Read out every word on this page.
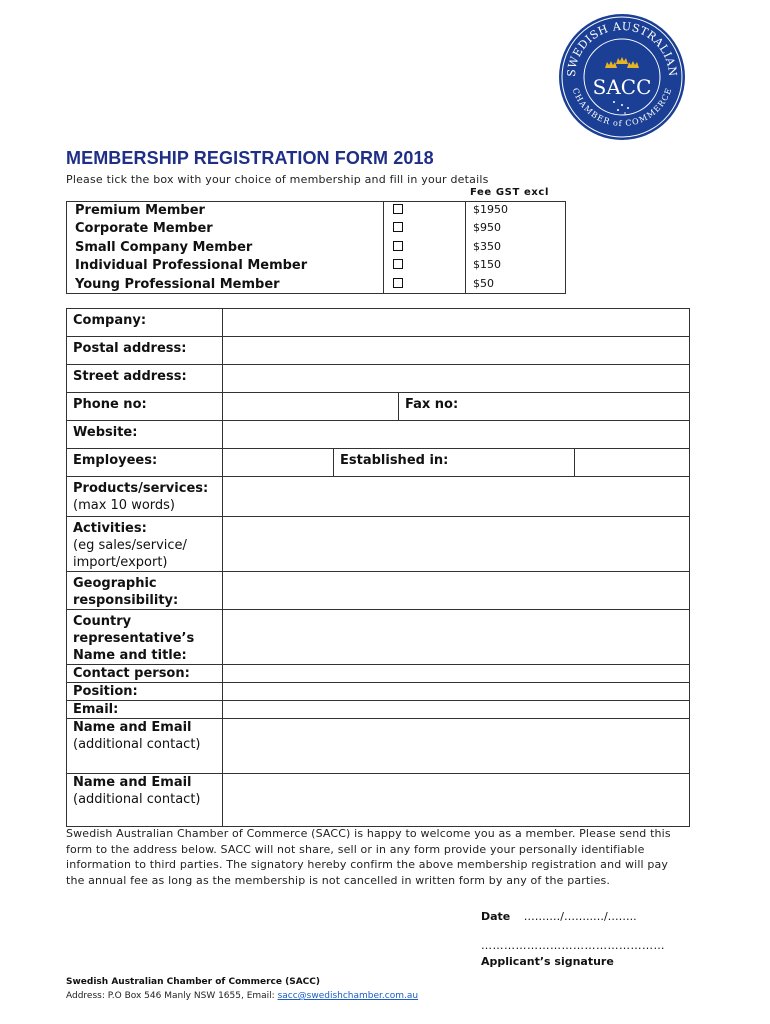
SWEDISH AUSTRALIAN
CHAMBER of COMMERCE
SACC
MEMBERSHIP REGISTRATION FORM 2018
Please tick the box with your choice of membership and fill in your details
Fee GST excl
Premium Member	$1950
Corporate Member	$950
Small Company Member	$350
Individual Professional Member	$150
Young Professional Member	$50
Company:				
Postal address:				
Street address:				
Phone no:			Fax no:	
Website:				
Employees:		Established in:		
Products/services:
(max 10 words)				

Activities:
(eg sales/service/ import/export)				

Geographic responsibility:				
Country representative’s Name and title:				
Contact person:				
Position:				
Email:				
Name and Email
(additional contact)				

Name and Email
(additional contact)				

Swedish Australian Chamber of Commerce (SACC) is happy to welcome you as a member. Please send this form to the address below. SACC will not share, sell or in any form provide your personally identifiable information to third parties. The signatory hereby confirm the above membership registration and will pay the annual fee as long as the membership is not cancelled in written form by any of the parties.
Date …….…/……..…/……..
…………………………………………
Applicant’s signature
Swedish Australian Chamber of Commerce (SACC)
Address: P.O Box 546 Manly NSW 1655, Email: sacc@swedishchamber.com.au
